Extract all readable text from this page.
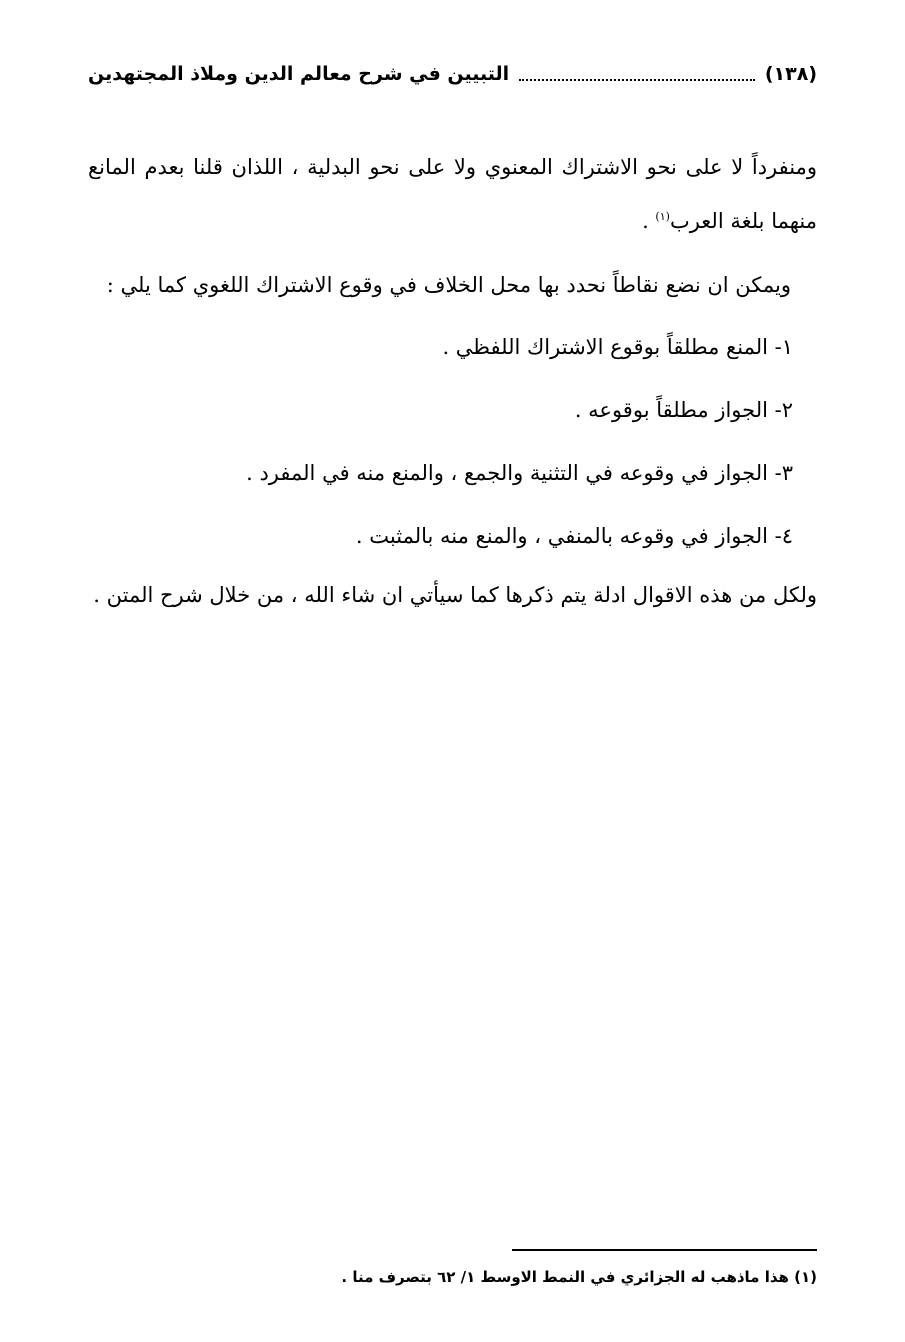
(١٣٨)
التبيين في شرح معالم الدين وملاذ المجتهدين

ومنفرداً لا على نحو الاشتراك المعنوي ولا على نحو البدلية ، اللذان قلنا بعدم المانع منهما بلغة العرب$^{(١)}$ .

ويمكن ان نضع نقاطاً نحدد بها محل الخلاف في وقوع الاشتراك اللغوي كما يلي :

١- المنع مطلقاً بوقوع الاشتراك اللفظي .

٢- الجواز مطلقاً بوقوعه .

٣- الجواز في وقوعه في التثنية والجمع ، والمنع منه في المفرد .

٤- الجواز في وقوعه بالمنفي ، والمنع منه بالمثبت .

ولكل من هذه الاقوال ادلة يتم ذكرها كما سيأتي ان شاء الله ، من خلال شرح المتن .

(١) هذا ماذهب له الجزائري في النمط الاوسط ١/ ٦٢ بتصرف منا .
